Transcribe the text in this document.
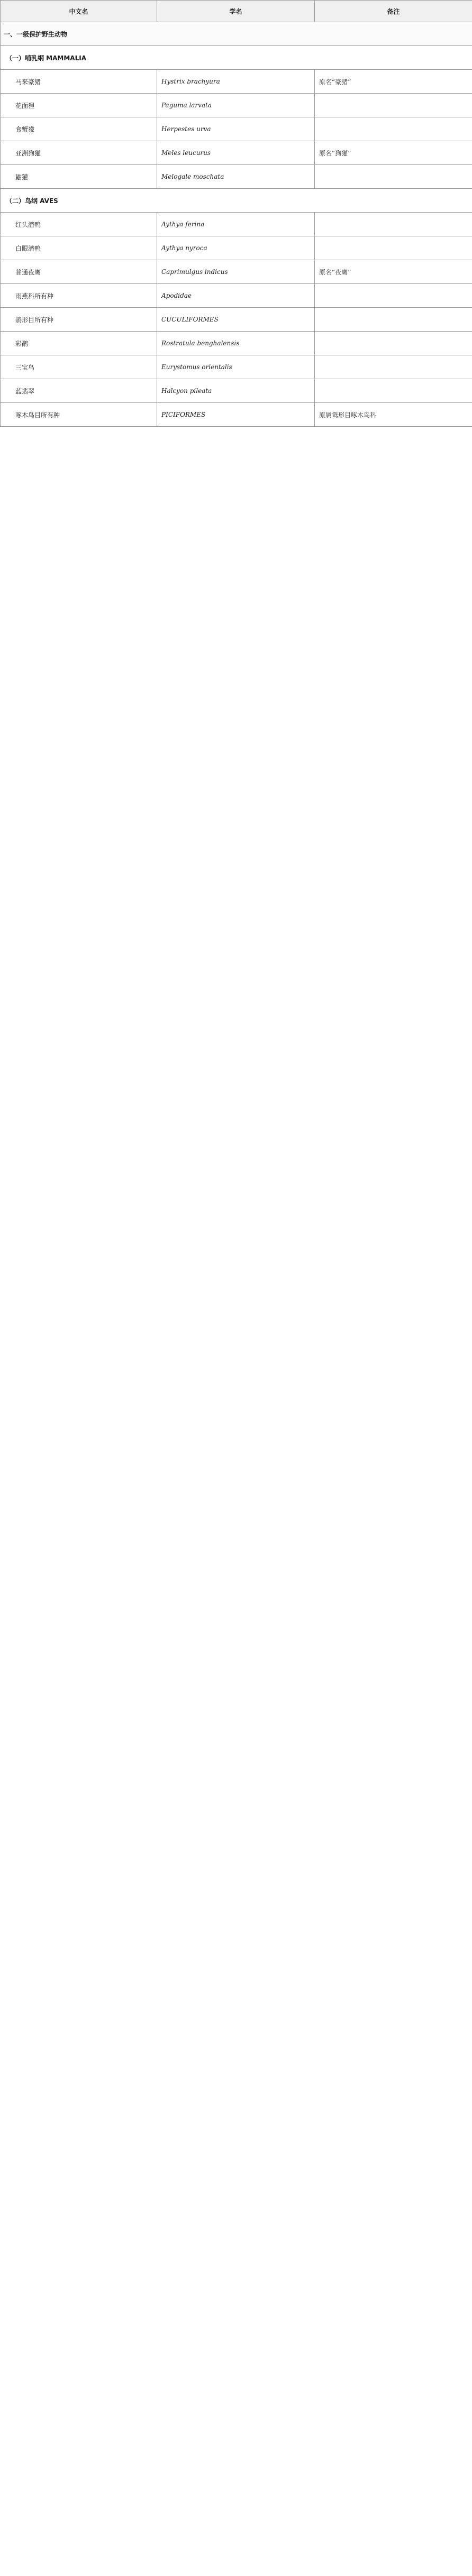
中文名	学名	备注
一、一级保护野生动物		
（一）哺乳纲 MAMMALIA		
马来豪猪	Hystrix brachyura	原名“豪猪”
花面狸	Paguma larvata	
食蟹獴	Herpestes urva	
亚洲狗獾	Meles leucurus	原名“狗獾”
鼬獾	Melogale moschata	
（二）鸟纲 AVES		
红头潜鸭	Aythya ferina	
白眼潜鸭	Aythya nyroca	
普通夜鹰	Caprimulgus indicus	原名“夜鹰”
雨燕科所有种	Apodidae	
鹃形目所有种	CUCULIFORMES	
彩鹬	Rostratula benghalensis	
三宝鸟	Eurystomus orientalis	
蓝翡翠	Halcyon pileata	
啄木鸟目所有种	PICIFORMES	原属鸳形目啄木鸟科
